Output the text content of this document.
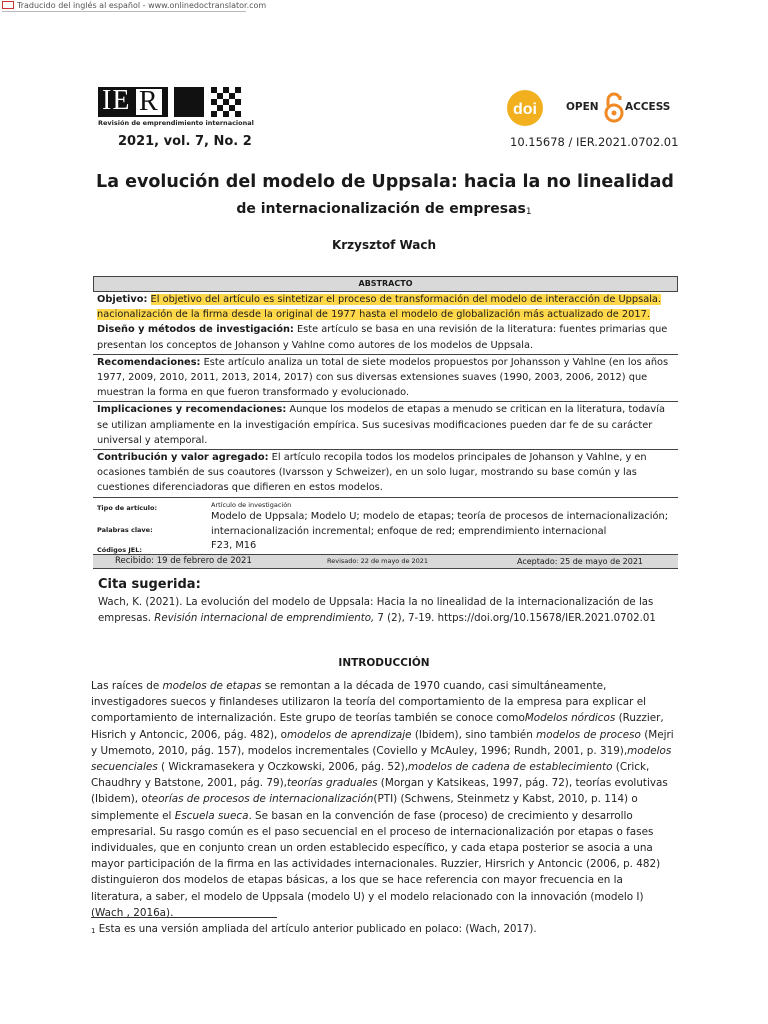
Traducido del inglés al español - www.onlinedoctranslator.com
IE R
Revisión de emprendimiento internacional
2021, vol. 7, No. 2
doi	OPEN	ACCESS
10.15678 / IER.2021.0702.01
La evolución del modelo de Uppsala: hacia la no linealidad
de internacionalización de empresas$^1$
Krzysztof Wach
ABSTRACTO
Objetivo: El objetivo del artículo es sintetizar el proceso de transformación del modelo de interacción de Uppsala. nacionalización de la firma desde la original de 1977 hasta el modelo de globalización más actualizado de 2017. Diseño y métodos de investigación: Este artículo se basa en una revisión de la literatura: fuentes primarias que presentan los conceptos de Johanson y Vahlne como autores de los modelos de Uppsala.
Recomendaciones: Este artículo analiza un total de siete modelos propuestos por Johansson y Vahlne (en los años 1977, 2009, 2010, 2011, 2013, 2014, 2017) con sus diversas extensiones suaves (1990, 2003, 2006, 2012) que muestran la forma en que fueron transformado y evolucionado.
Implicaciones y recomendaciones: Aunque los modelos de etapas a menudo se critican en la literatura, todavía se utilizan ampliamente en la investigación empírica. Sus sucesivas modificaciones pueden dar fe de su carácter universal y atemporal.
Contribución y valor agregado: El artículo recopila todos los modelos principales de Johanson y Vahlne, y en ocasiones también de sus coautores (Ivarsson y Schweizer), en un solo lugar, mostrando su base común y las cuestiones diferenciadoras que difieren en estos modelos.
Tipo de artículo:	Artículo de investigación
Palabras clave:
Modelo de Uppsala; Modelo U; modelo de etapas; teoría de procesos de internacionalización;
internacionalización incremental; enfoque de red; emprendimiento internacional
Códigos JEL:	F23, M16
Recibido: 19 de febrero de 2021	Revisado: 22 de mayo de 2021	Aceptado: 25 de mayo de 2021
Cita sugerida:
Wach, K. (2021). La evolución del modelo de Uppsala: Hacia la no linealidad de la internacionalización de las empresas. Revisión internacional de emprendimiento, 7 (2), 7-19. https://doi.org/10.15678/IER.2021.0702.01
INTRODUCCIÓN
Las raíces de modelos de etapas se remontan a la década de 1970 cuando, casi simultáneamente, investigadores suecos y finlandeses utilizaron la teoría del comportamiento de la empresa para explicar el comportamiento de internalización. Este grupo de teorías también se conoce comoModelos nórdicos (Ruzzier, Hisrich y Antoncic, 2006, pág. 482), omodelos de aprendizaje (Ibidem), sino también modelos de proceso (Mejri y Umemoto, 2010, pág. 157), modelos incrementales (Coviello y McAuley, 1996; Rundh, 2001, p. 319),modelos secuenciales ( Wickramasekera y Oczkowski, 2006, pág. 52),modelos de cadena de establecimiento (Crick, Chaudhry y Batstone, 2001, pág. 79),teorías graduales (Morgan y Katsikeas, 1997, pág. 72), teorías evolutivas (Ibidem), oteorías de procesos de internacionalización(PTI) (Schwens, Steinmetz y Kabst, 2010, p. 114) o simplemente el Escuela sueca. Se basan en la convención de fase (proceso) de crecimiento y desarrollo empresarial. Su rasgo común es el paso secuencial en el proceso de internacionalización por etapas o fases individuales, que en conjunto crean un orden establecido específico, y cada etapa posterior se asocia a una mayor participación de la firma en las actividades internacionales. Ruzzier, Hirsrich y Antoncic (2006, p. 482) distinguieron dos modelos de etapas básicas, a los que se hace referencia con mayor frecuencia en la literatura, a saber, el modelo de Uppsala (modelo U) y el modelo relacionado con la innovación (modelo I) (Wach , 2016a).
$^1$ Esta es una versión ampliada del artículo anterior publicado en polaco: (Wach, 2017).
